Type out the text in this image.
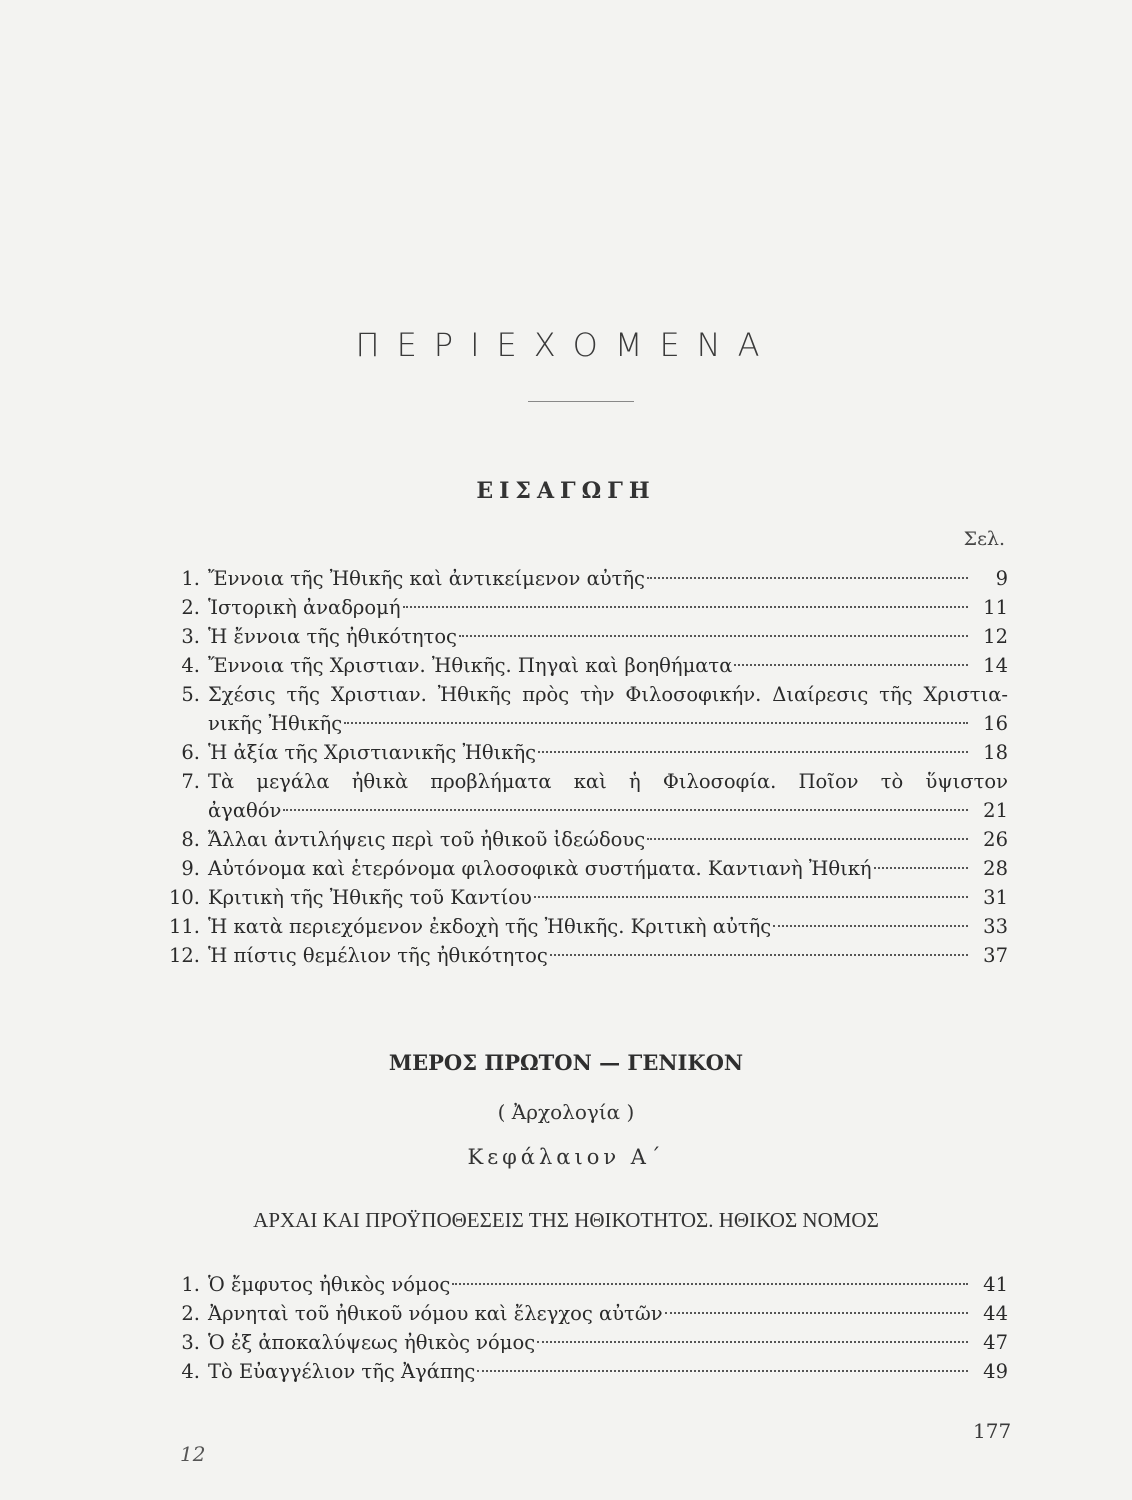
ΠΕΡΙΕΧΟΜΕΝΑ
ΕΙΣΑΓΩΓΗ
Σελ.
1. Ἔννοια τῆς Ἠθικῆς καὶ ἀντικείμενον αὐτῆς	9
2. Ἱστορικὴ ἀναδρομή	11
3. Ἡ ἔννοια τῆς ἠθικότητος	12
4. Ἔννοια τῆς Χριστιαν. Ἠθικῆς. Πηγαὶ καὶ βοηθήματα	14
5. Σχέσις τῆς Χριστιαν. Ἠθικῆς πρὸς τὴν Φιλοσοφικήν. Διαίρεσις τῆς Χριστια-
νικῆς Ἠθικῆς	16
6. Ἡ ἀξία τῆς Χριστιανικῆς Ἠθικῆς	18
7. Τὰ μεγάλα ἠθικὰ προβλήματα καὶ ἡ Φιλοσοφία. Ποῖον τὸ ὕψιστον
ἀγαθόν	21
8. Ἄλλαι ἀντιλήψεις περὶ τοῦ ἠθικοῦ ἰδεώδους	26
9. Αὐτόνομα καὶ ἑτερόνομα φιλοσοφικὰ συστήματα. Καντιανὴ Ἠθική	28
10. Κριτικὴ τῆς Ἠθικῆς τοῦ Καντίου	31
11. Ἡ κατὰ περιεχόμενον ἐκδοχὴ τῆς Ἠθικῆς. Κριτικὴ αὐτῆς	33
12. Ἡ πίστις θεμέλιον τῆς ἠθικότητος	37
ΜΕΡΟΣ ΠΡΩΤΟΝ — ΓΕΝΙΚΟΝ
( Ἀρχολογία )
Κεφάλαιον Α΄
ΑΡΧΑΙ ΚΑΙ ΠΡΟΫΠΟΘΕΣΕΙΣ ΤΗΣ ΗΘΙΚΟΤΗΤΟΣ. ΗΘΙΚΟΣ ΝΟΜΟΣ
1. Ὁ ἔμφυτος ἠθικὸς νόμος	41
2. Ἀρνηταὶ τοῦ ἠθικοῦ νόμου καὶ ἔλεγχος αὐτῶν	44
3. Ὁ ἐξ ἀποκαλύψεως ἠθικὸς νόμος	47
4. Τὸ Εὐαγγέλιον τῆς Ἀγάπης	49
177
12
